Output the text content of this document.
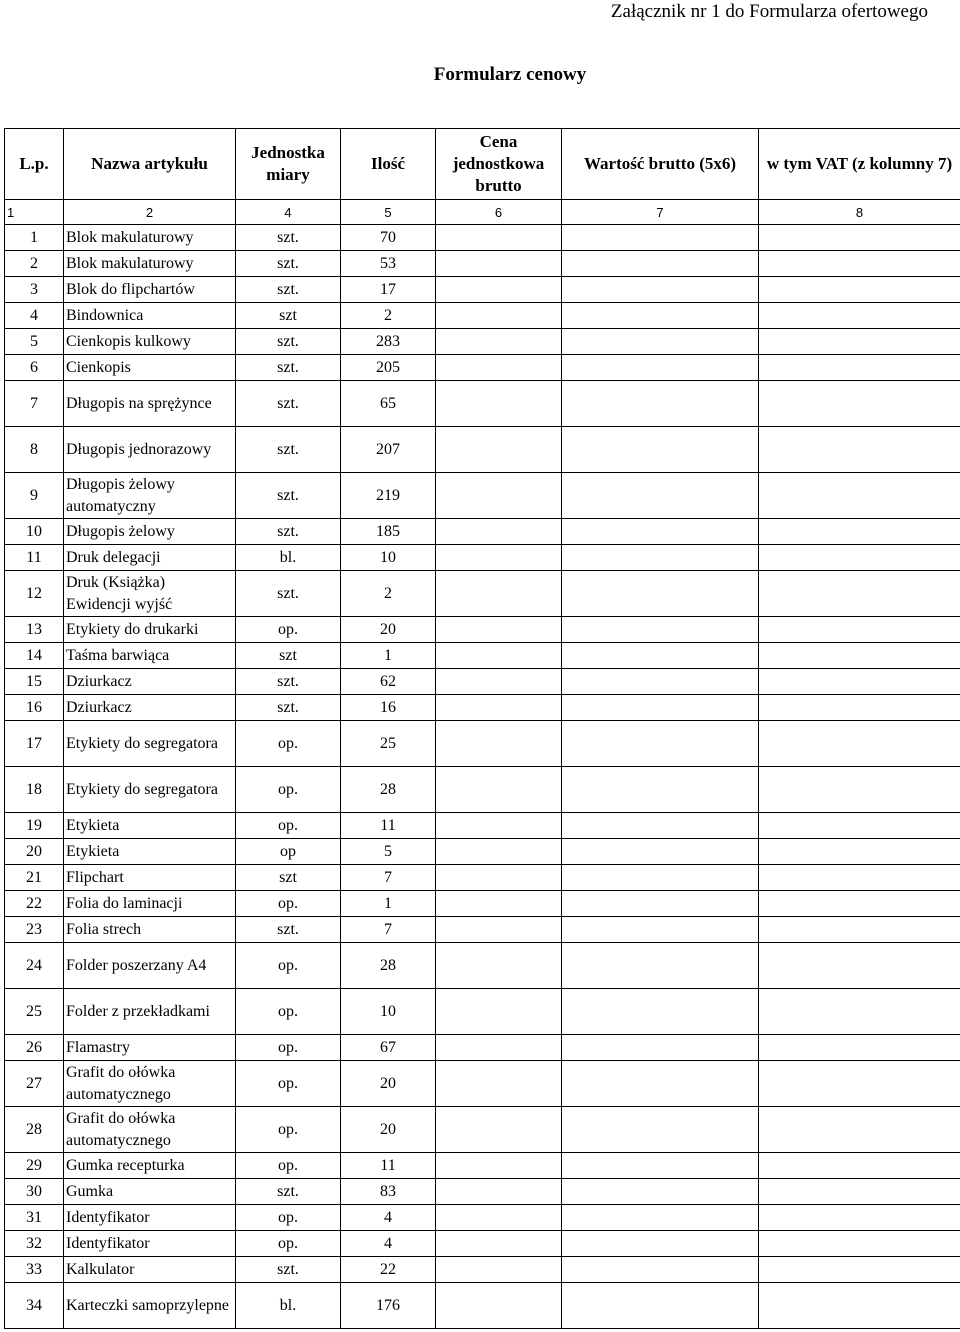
Załącznik nr 1 do Formularza ofertowego
Formularz cenowy
L.p.	Nazwa artykułu	Jednostka miary	Ilość	Cena jednostkowa brutto	Wartość brutto (5x6)	w tym VAT (z kolumny 7)
1	2	4	5	6	7	8
1	Blok makulaturowy	szt.	70			
2	Blok makulaturowy	szt.	53			
3	Blok do flipchartów	szt.	17			
4	Bindownica	szt	2			
5	Cienkopis kulkowy	szt.	283			
6	Cienkopis	szt.	205			
7	Długopis na sprężynce	szt.	65			
8	Długopis jednorazowy	szt.	207			
9	Długopis żelowy automatyczny	szt.	219			
10	Długopis żelowy	szt.	185			
11	Druk delegacji	bl.	10			
12	Druk (Książka) Ewidencji wyjść	szt.	2			
13	Etykiety do drukarki	op.	20			
14	Taśma barwiąca	szt	1			
15	Dziurkacz	szt.	62			
16	Dziurkacz	szt.	16			
17	Etykiety do segregatora	op.	25			
18	Etykiety do segregatora	op.	28			
19	Etykieta	op.	11			
20	Etykieta	op	5			
21	Flipchart	szt	7			
22	Folia do laminacji	op.	1			
23	Folia strech	szt.	7			
24	Folder poszerzany A4	op.	28			
25	Folder z przekładkami	op.	10			
26	Flamastry	op.	67			
27	Grafit do ołówka automatycznego	op.	20			
28	Grafit do ołówka automatycznego	op.	20			
29	Gumka recepturka	op.	11			
30	Gumka	szt.	83			
31	Identyfikator	op.	4			
32	Identyfikator	op.	4			
33	Kalkulator	szt.	22			
34	Karteczki samoprzylepne	bl.	176			
